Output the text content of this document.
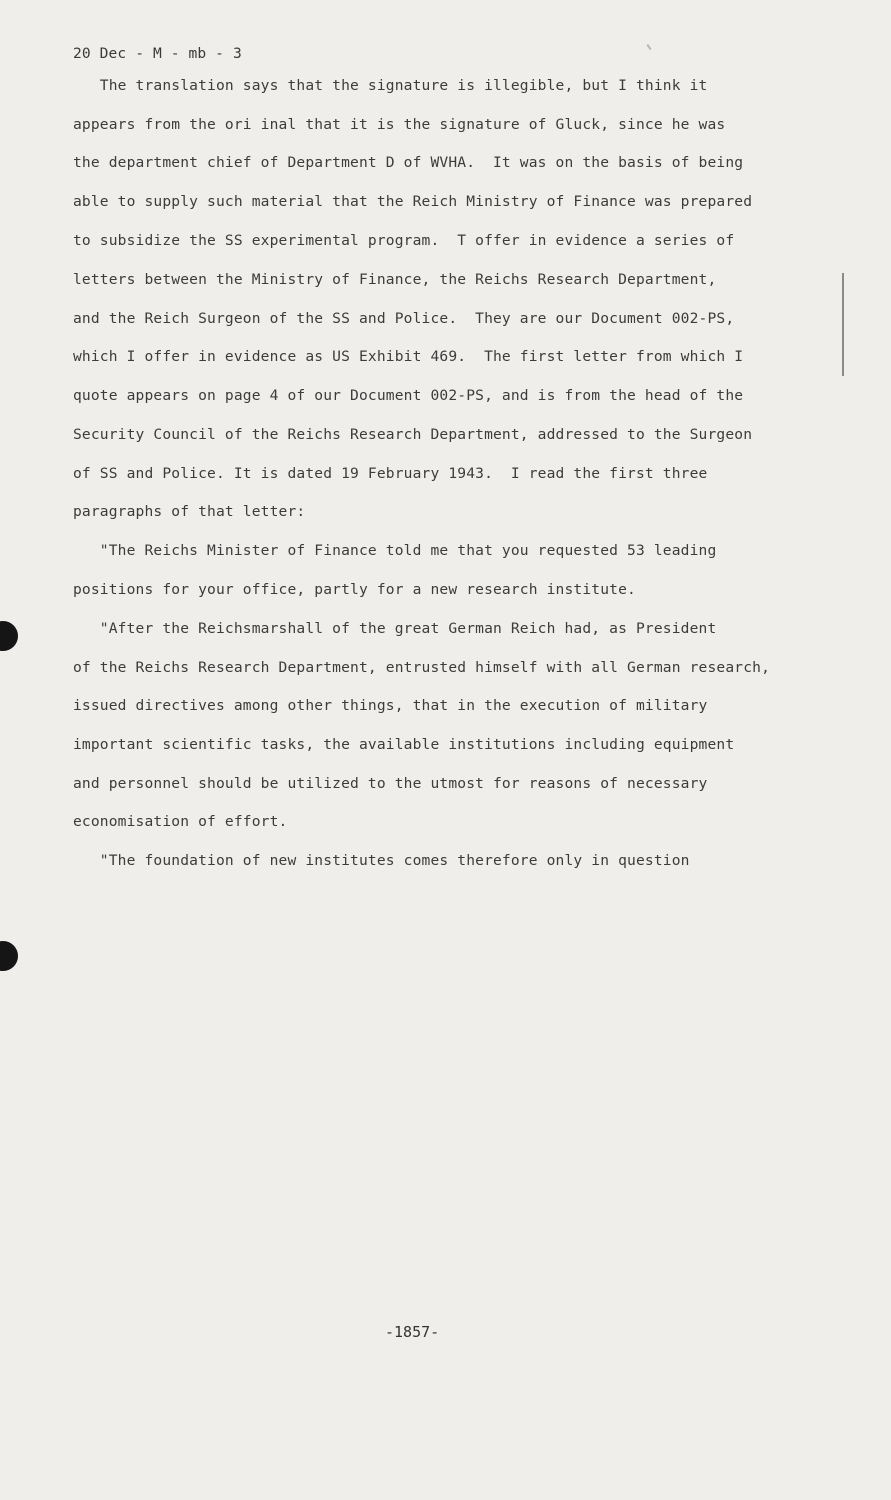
20 Dec - M - mb - 3
The translation says that the signature is illegible, but I think it
appears from the ori inal that it is the signature of Gluck, since he was
the department chief of Department D of WVHA.  It was on the basis of being
able to supply such material that the Reich Ministry of Finance was prepared
to subsidize the SS experimental program.  T offer in evidence a series of
letters between the Ministry of Finance, the Reichs Research Department,
and the Reich Surgeon of the SS and Police.  They are our Document 002-PS,
which I offer in evidence as US Exhibit 469.  The first letter from which I
quote appears on page 4 of our Document 002-PS, and is from the head of the
Security Council of the Reichs Research Department, addressed to the Surgeon
of SS and Police. It is dated 19 February 1943.  I read the first three
paragraphs of that letter:
"The Reichs Minister of Finance told me that you requested 53 leading
positions for your office, partly for a new research institute.
"After the Reichsmarshall of the great German Reich had, as President
of the Reichs Research Department, entrusted himself with all German research,
issued directives among other things, that in the execution of military
important scientific tasks, the available institutions including equipment
and personnel should be utilized to the utmost for reasons of necessary
economisation of effort.
"The foundation of new institutes comes therefore only in question
-1857-
